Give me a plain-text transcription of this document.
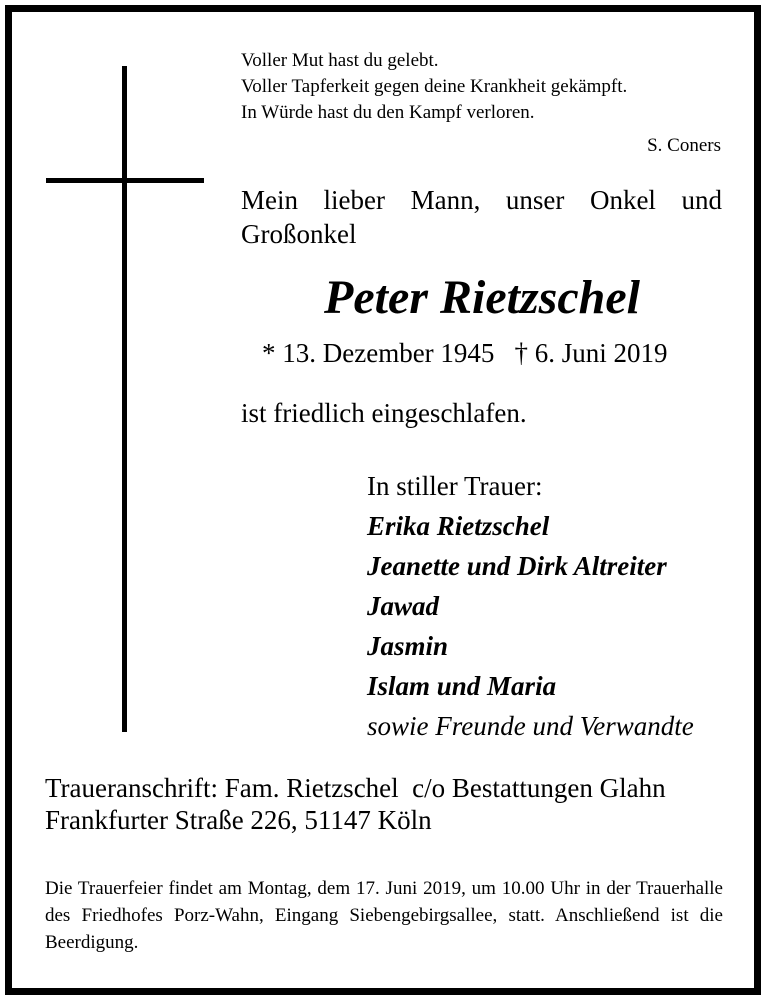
Voller Mut hast du gelebt.
Voller Tapferkeit gegen deine Krankheit gekämpft.
In Würde hast du den Kampf verloren.
S. Coners
Mein lieber Mann, unser Onkel und Großonkel
Peter Rietzschel
* 13. Dezember 1945 † 6. Juni 2019
ist friedlich eingeschlafen.
In stiller Trauer:
Erika Rietzschel
Jeanette und Dirk Altreiter
Jawad
Jasmin
Islam und Maria
sowie Freunde und Verwandte
Traueranschrift: Fam. Rietzschel  c/o Bestattungen Glahn
Frankfurter Straße 226, 51147 Köln
Die Trauerfeier findet am Montag, dem 17. Juni 2019, um 10.00 Uhr in der Trauerhalle des Friedhofes Porz-Wahn, Eingang Siebengebirgsallee, statt. Anschließend ist die Beerdigung.
